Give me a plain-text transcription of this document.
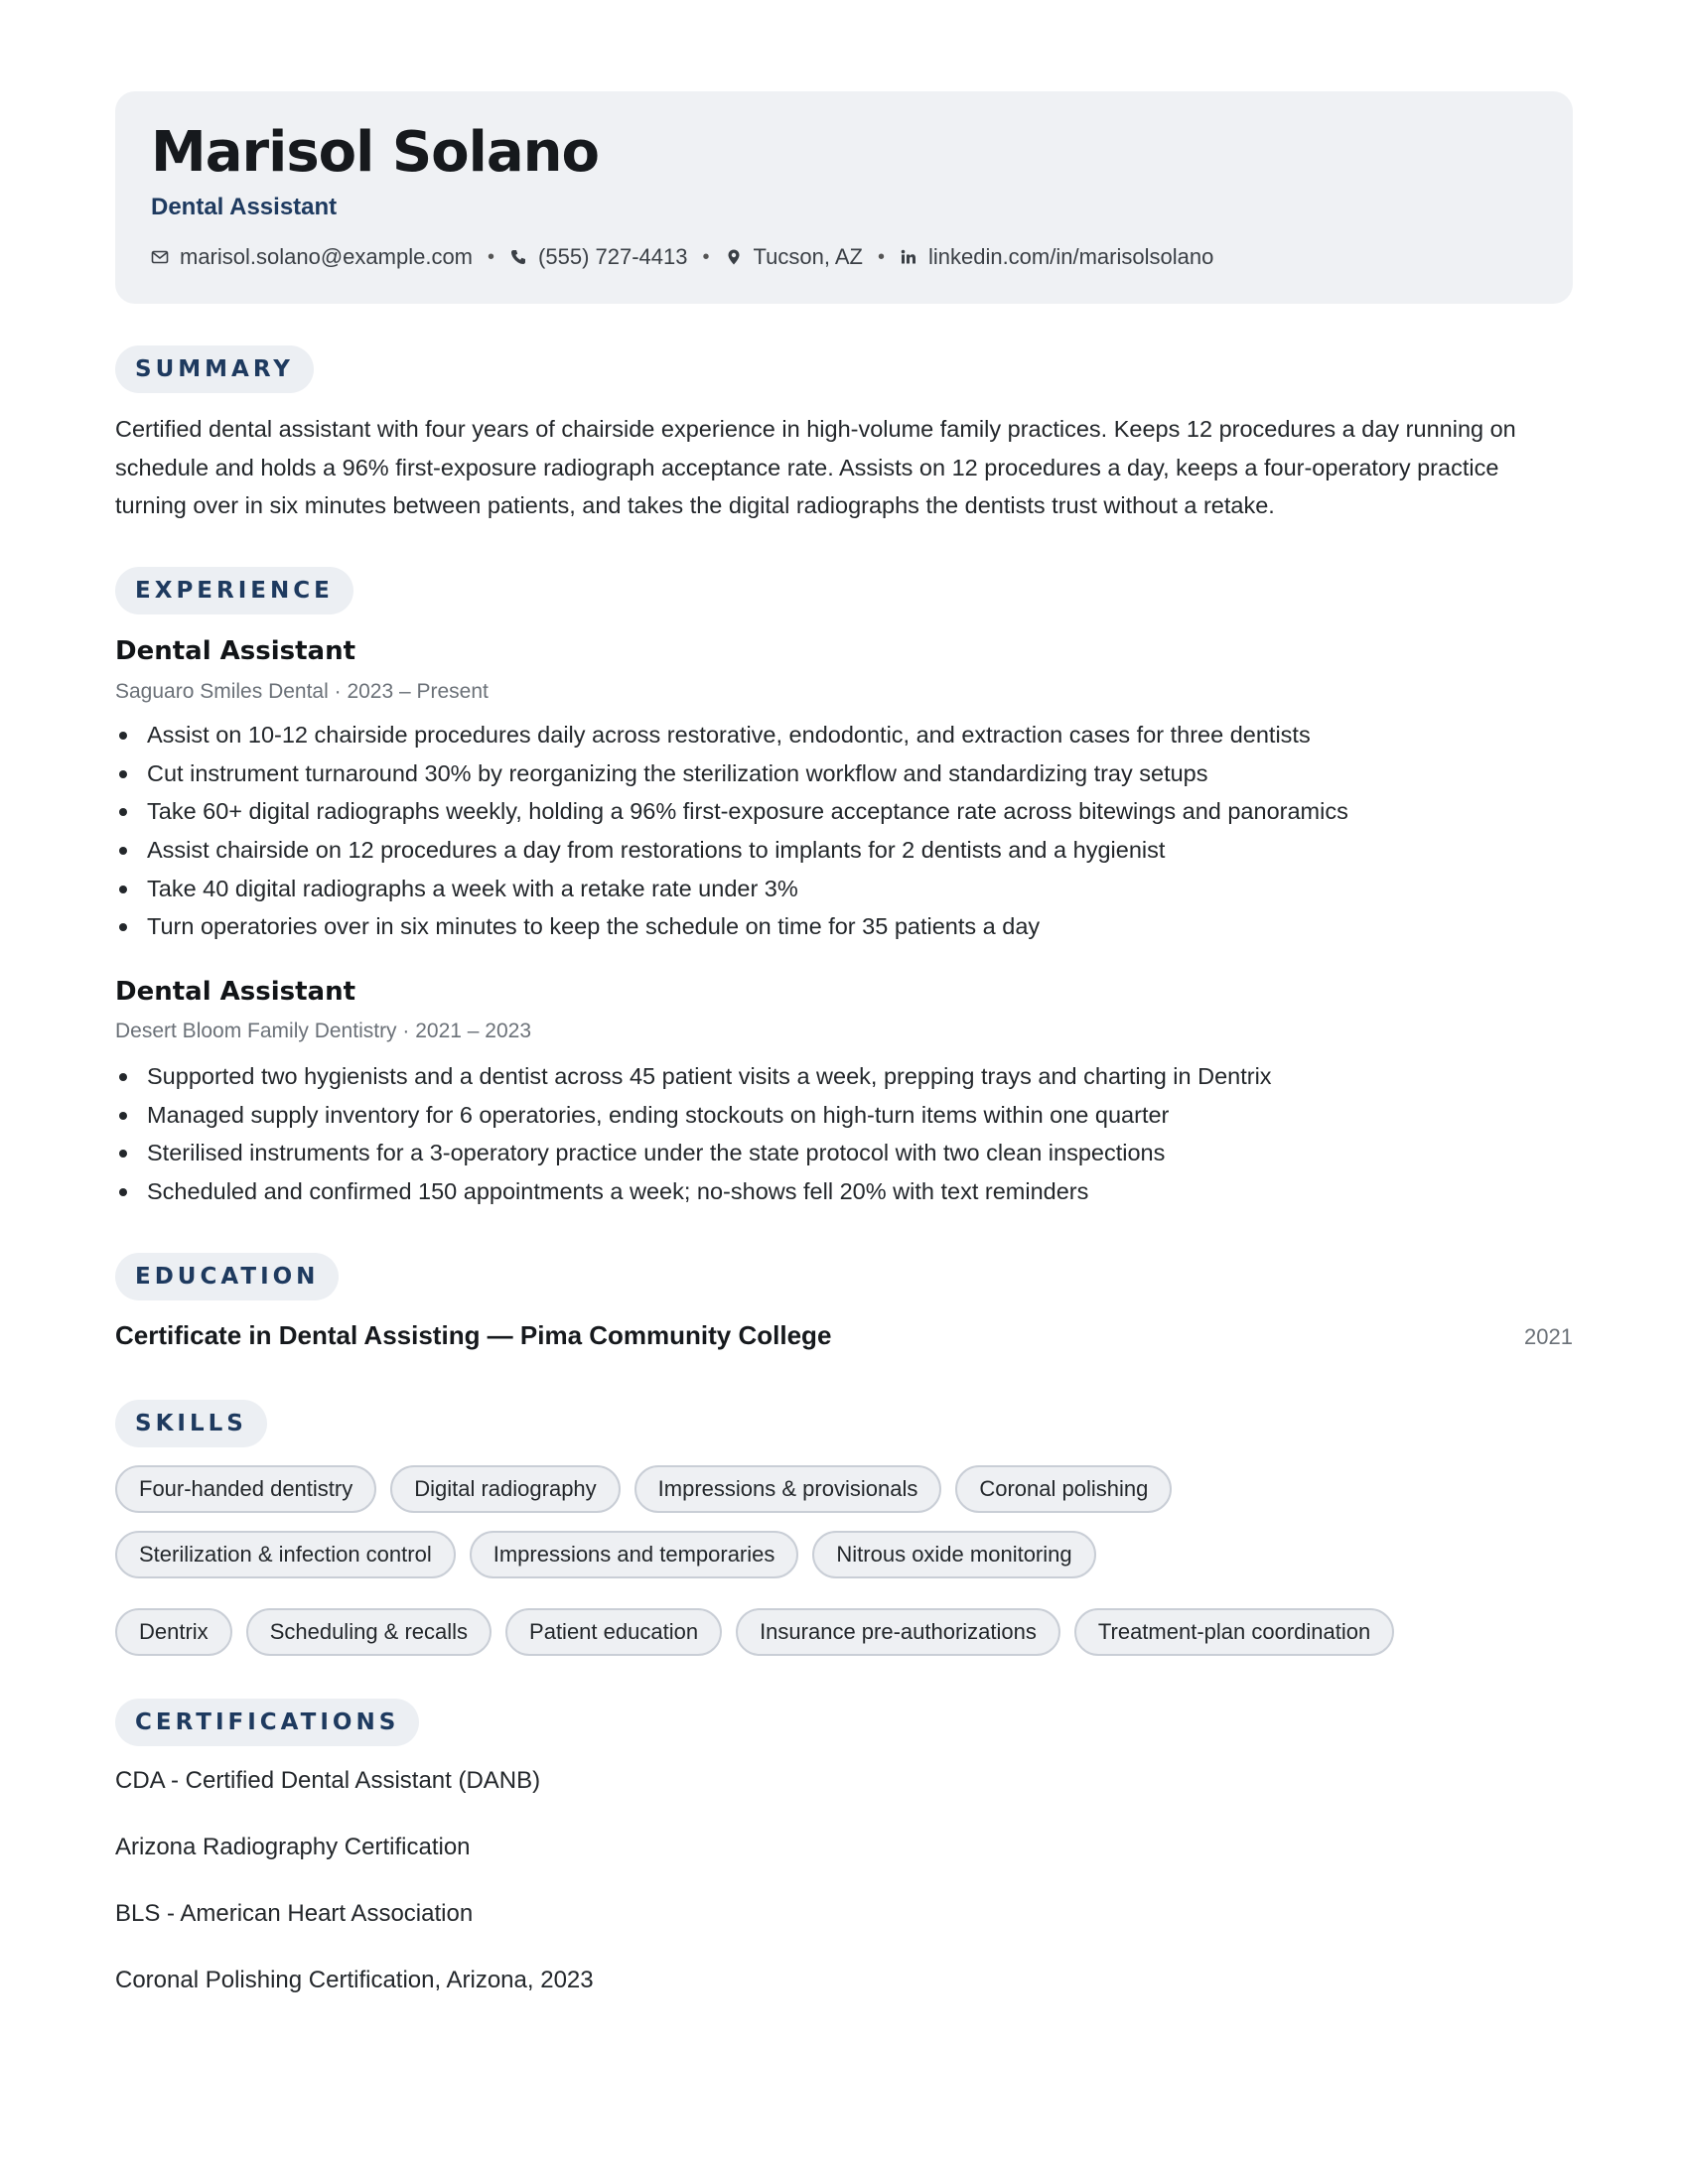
Marisol Solano
Dental Assistant
marisol.solano@example.com • (555) 727-4413 • Tucson, AZ • linkedin.com/in/marisolsolano
SUMMARY
Certified dental assistant with four years of chairside experience in high-volume family practices. Keeps 12 procedures a day running on schedule and holds a 96% first-exposure radiograph acceptance rate. Assists on 12 procedures a day, keeps a four-operatory practice turning over in six minutes between patients, and takes the digital radiographs the dentists trust without a retake.
EXPERIENCE
Dental Assistant
Saguaro Smiles Dental · 2023 – Present
Assist on 10-12 chairside procedures daily across restorative, endodontic, and extraction cases for three dentists
Cut instrument turnaround 30% by reorganizing the sterilization workflow and standardizing tray setups
Take 60+ digital radiographs weekly, holding a 96% first-exposure acceptance rate across bitewings and panoramics
Assist chairside on 12 procedures a day from restorations to implants for 2 dentists and a hygienist
Take 40 digital radiographs a week with a retake rate under 3%
Turn operatories over in six minutes to keep the schedule on time for 35 patients a day
Dental Assistant
Desert Bloom Family Dentistry · 2021 – 2023
Supported two hygienists and a dentist across 45 patient visits a week, prepping trays and charting in Dentrix
Managed supply inventory for 6 operatories, ending stockouts on high-turn items within one quarter
Sterilised instruments for a 3-operatory practice under the state protocol with two clean inspections
Scheduled and confirmed 150 appointments a week; no-shows fell 20% with text reminders
EDUCATION
Certificate in Dental Assisting — Pima Community College	2021
SKILLS
Four-handed dentistry	Digital radiography	Impressions & provisionals	Coronal polishing
Sterilization & infection control	Impressions and temporaries	Nitrous oxide monitoring
Dentrix	Scheduling & recalls	Patient education	Insurance pre-authorizations	Treatment-plan coordination
CERTIFICATIONS
CDA - Certified Dental Assistant (DANB)
Arizona Radiography Certification
BLS - American Heart Association
Coronal Polishing Certification, Arizona, 2023
